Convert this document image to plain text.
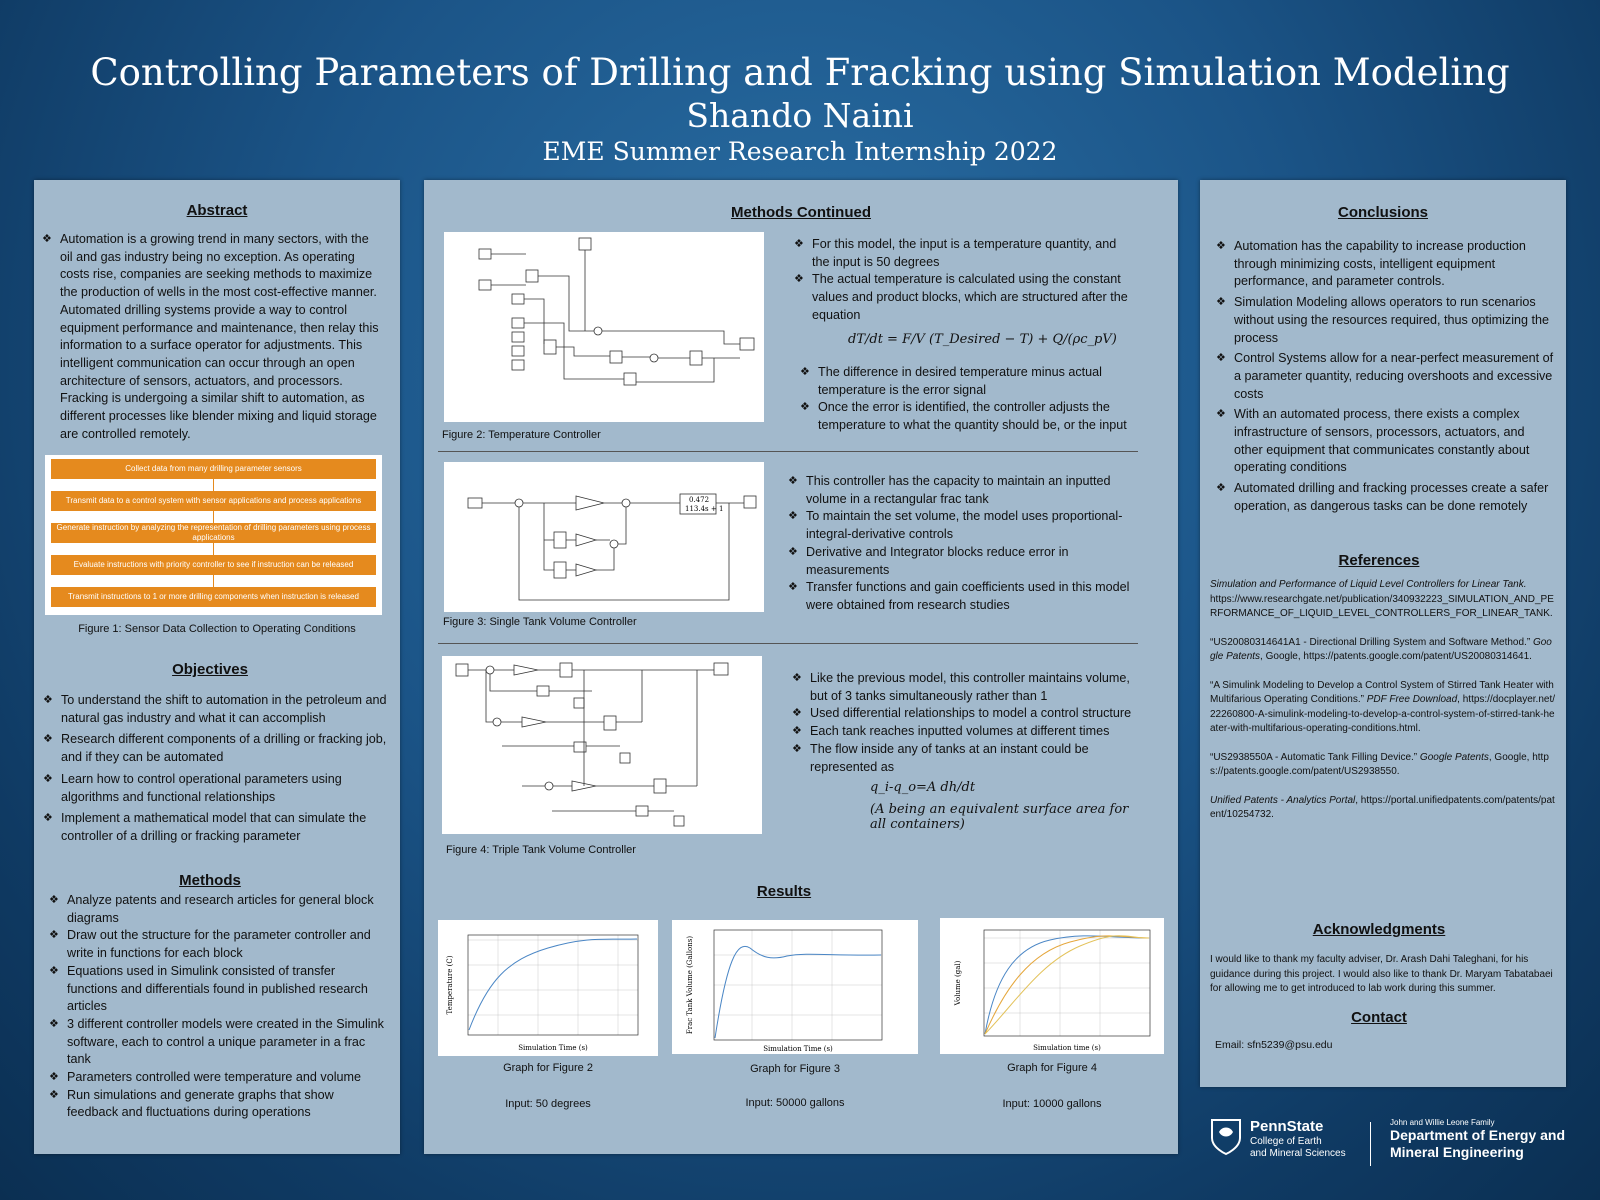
Controlling Parameters of Drilling and Fracking using Simulation Modeling
Shando Naini
EME Summer Research Internship 2022
Abstract
❖ Automation is a growing trend in many sectors, with the oil and gas industry being no exception. As operating costs rise, companies are seeking methods to maximize the production of wells in the most cost-effective manner. Automated drilling systems provide a way to control equipment performance and maintenance, then relay this information to a surface operator for adjustments. This intelligent communication can occur through an open architecture of sensors, actuators, and processors. Fracking is undergoing a similar shift to automation, as different processes like blender mixing and liquid storage are controlled remotely.
Figure 1: Sensor Data Collection to Operating Conditions
Objectives
❖ To understand the shift to automation in the petroleum and natural gas industry and what it can accomplish
❖ Research different components of a drilling or fracking job, and if they can be automated
❖ Learn how to control operational parameters using algorithms and functional relationships
❖ Implement a mathematical model that can simulate the controller of a drilling or fracking parameter
Methods
❖ Analyze patents and research articles for general block diagrams
❖ Draw out the structure for the parameter controller and write in functions for each block
❖ Equations used in Simulink consisted of transfer functions and differentials found in published research articles
❖ 3 different controller models were created in the Simulink software, each to control a unique parameter in a frac tank
❖ Parameters controlled were temperature and volume
❖ Run simulations and generate graphs that show feedback and fluctuations during operations
Collect data from many drilling parameter sensors
Transmit data to a control system with sensor applications and process applications
Generate instruction by analyzing the representation of drilling parameters using process applications
Evaluate instructions with priority controller to see if instruction can be released
Transmit instructions to 1 or more drilling components when instruction is released
Methods Continued
Figure 2: Temperature Controller
❖ For this model, the input is a temperature quantity, and the input is 50 degrees
❖ The actual temperature is calculated using the constant values and product blocks, which are structured after the equation
dT/dt = F/V (T_Desired − T) + Q/(ρc_pV)
❖ The difference in desired temperature minus actual temperature is the error signal
❖ Once the error is identified, the controller adjusts the temperature to what the quantity should be, or the input
0.472
113.4s + 1
Figure 3: Single Tank Volume Controller
❖ This controller has the capacity to maintain an inputted volume in a rectangular frac tank
❖ To maintain the set volume, the model uses proportional-integral-derivative controls
❖ Derivative and Integrator blocks reduce error in measurements
❖ Transfer functions and gain coefficients used in this model were obtained from research studies
Figure 4: Triple Tank Volume Controller
❖ Like the previous model, this controller maintains volume, but of 3 tanks simultaneously rather than 1
❖ Used differential relationships to model a control structure
❖ Each tank reaches inputted volumes at different times
❖ The flow inside any of tanks at an instant could be represented as
q_i-q_o=A dh/dt
(A being an equivalent surface area for all containers)
Results
Simulation Time (s)
Temperature (C)
Simulation Time (s)
Frac Tank Volume (Gallons)
Simulation time (s)
Volume (gal)
Graph for Figure 2
Input: 50 degrees
Graph for Figure 3
Input: 50000 gallons
Graph for Figure 4
Input: 10000 gallons
Conclusions
❖ Automation has the capability to increase production through minimizing costs, intelligent equipment performance, and parameter controls.
❖ Simulation Modeling allows operators to run scenarios without using the resources required, thus optimizing the process
❖ Control Systems allow for a near-perfect measurement of a parameter quantity, reducing overshoots and excessive costs
❖ With an automated process, there exists a complex infrastructure of sensors, processors, actuators, and other equipment that communicates constantly about operating conditions
❖ Automated drilling and fracking processes create a safer operation, as dangerous tasks can be done remotely
References

Simulation and Performance of Liquid Level Controllers for Linear Tank.
https://www.researchgate.net/publication/340932223_SIMULATION_AND_PERFORMANCE_OF_LIQUID_LEVEL_CONTROLLERS_FOR_LINEAR_TANK.

“US20080314641A1 - Directional Drilling System and Software Method.” Google Patents, Google, https://patents.google.com/patent/US20080314641.

“A Simulink Modeling to Develop a Control System of Stirred Tank Heater with Multifarious Operating Conditions.” PDF Free Download, https://docplayer.net/22260800-A-simulink-modeling-to-develop-a-control-system-of-stirred-tank-heater-with-multifarious-operating-conditions.html.

“US2938550A - Automatic Tank Filling Device.” Google Patents, Google, https://patents.google.com/patent/US2938550.

Unified Patents - Analytics Portal, https://portal.unifiedpatents.com/patents/patent/10254732.

Acknowledgments
I would like to thank my faculty adviser, Dr. Arash Dahi Taleghani, for his guidance during this project. I would also like to thank Dr. Maryam Tabatabaei for allowing me to get introduced to lab work during this summer.
Contact
Email: sfn5239@psu.edu
PennState
College of Earth
and Mineral Sciences
John and Willie Leone Family
Department of Energy and
Mineral Engineering
